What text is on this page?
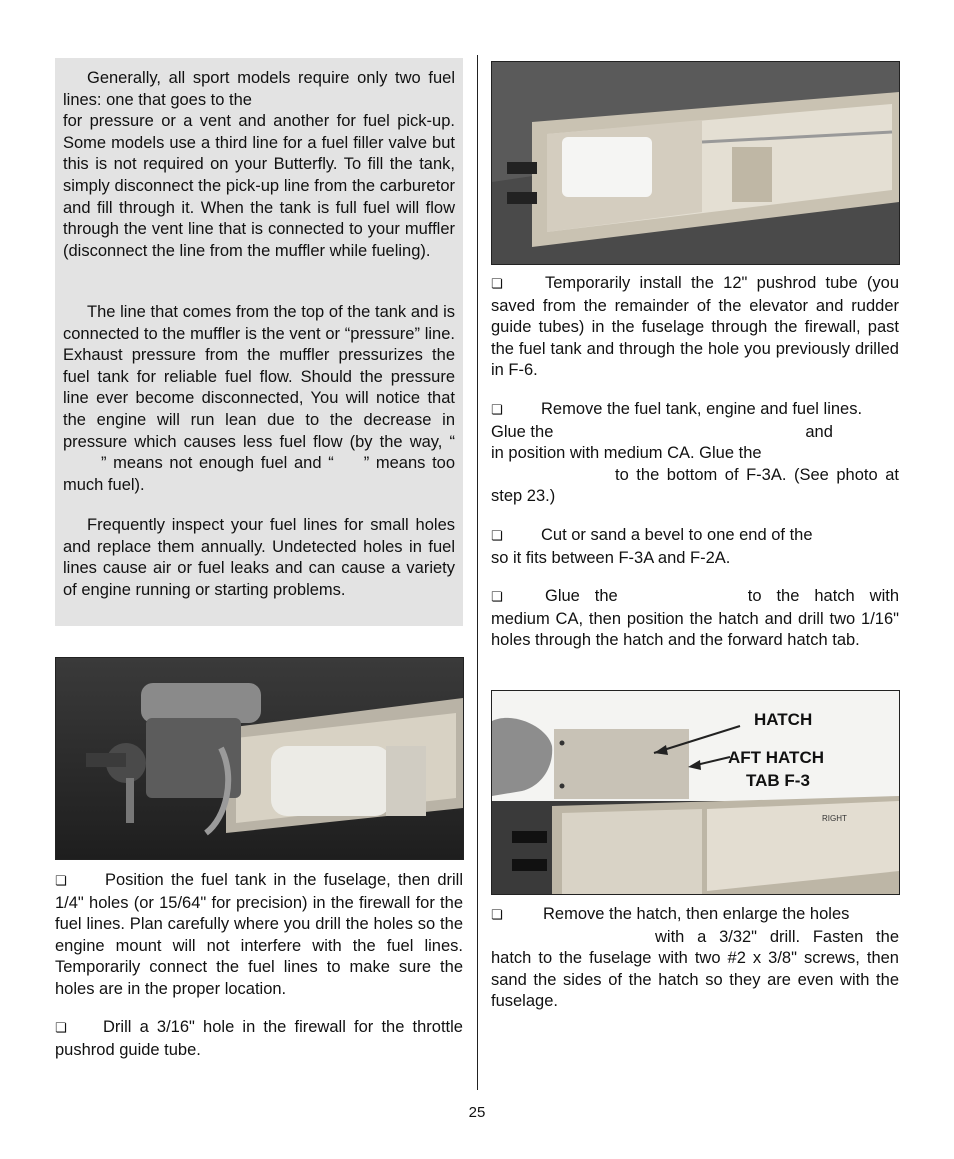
Generally, all sport models require only two fuel lines: one that goes to the
for pressure or a vent and another for fuel pick-up. Some models use a third line for a fuel filler valve but this is not required on your Butterfly. To fill the tank, simply disconnect the pick-up line from the carburetor and fill through it. When the tank is full fuel will flow through the vent line that is connected to your muffler (disconnect the line from the muffler while fueling).

The line that comes from the top of the tank and is connected to the muffler is the vent or “pressure” line. Exhaust pressure from the muffler pressurizes the fuel tank for reliable fuel flow. Should the pressure line ever become disconnected, You will notice that the engine will run lean due to the decrease in pressure which causes less fuel flow (by the way, “” means not enough fuel and “ ” means too much fuel).

Frequently inspect your fuel lines for small holes and replace them annually. Undetected holes in fuel lines cause air or fuel leaks and can cause a variety of engine running or starting problems.

❏ Position the fuel tank in the fuselage, then drill 1/4" holes (or 15/64" for precision) in the firewall for the fuel lines. Plan carefully where you drill the holes so the engine mount will not interfere with the fuel lines. Temporarily connect the fuel lines to make sure the holes are in the proper location.

❏ Drill a 3/16" hole in the firewall for the throttle pushrod guide tube.

❏	Temporarily install the 12" pushrod tube (you saved from the remainder of the elevator and rudder guide tubes) in the fuselage through the firewall, past the fuel tank and through the hole you previously drilled in F-6.

❏ Remove the fuel tank, engine and fuel lines.
Glue the	and
in position with medium CA. Glue the
to the bottom of F-3A. (See photo at step 23.)

❏ Cut or sand a bevel to one end of the
so it fits between F-3A and F-2A.

❏	Glue the	to the hatch with medium CA, then position the hatch and drill two 1/16" holes through the hatch and the forward hatch tab.

HATCH
AFT HATCH
TAB F-3
RIGHT

❏ Remove the hatch, then enlarge the holes
with a 3/32" drill. Fasten the hatch to the fuselage with two #2 x 3/8" screws, then sand the sides of the hatch so they are even with the fuselage.

25
